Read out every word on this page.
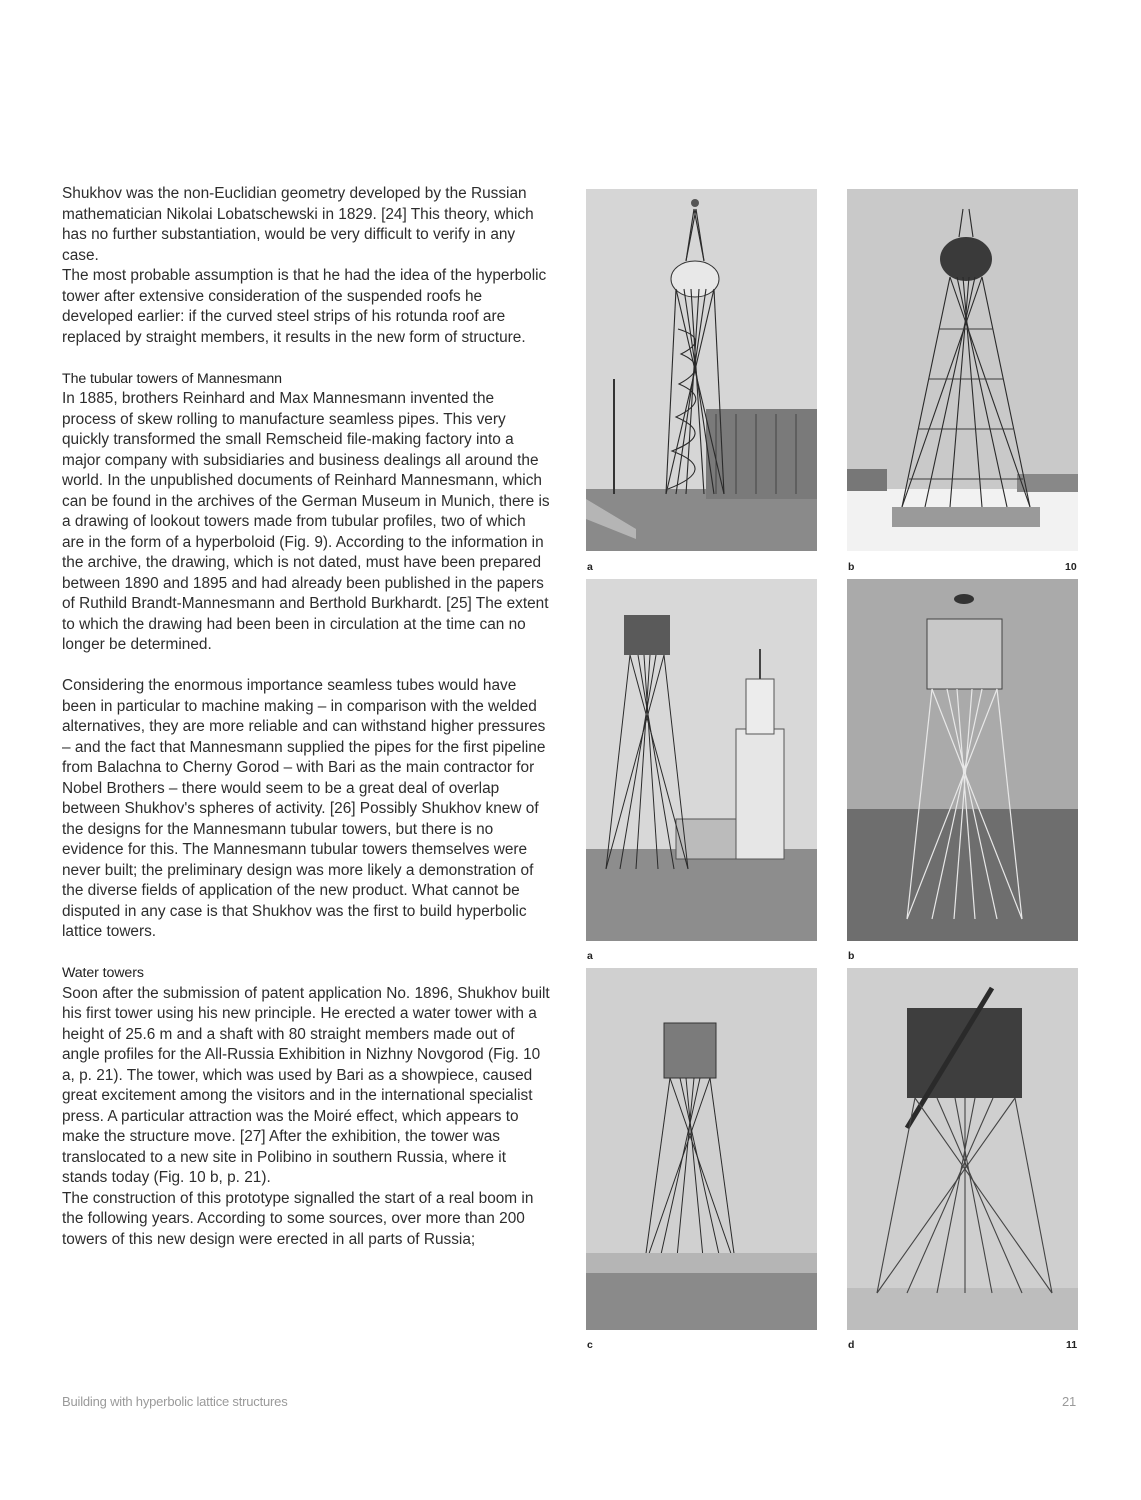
Shukhov was the non-Euclidian geometry developed by the Russian mathematician Nikolai Lobatschewski in 1829. [24] This theory, which has no further substantiation, would be very difficult to verify in any case.

The most probable assumption is that he had the idea of the hyperbolic tower after extensive consideration of the suspended roofs he developed earlier: if the curved steel strips of his rotunda roof are replaced by straight members, it results in the new form of structure.

The tubular towers of Mannesmann

In 1885, brothers Reinhard and Max Mannesmann invented the process of skew rolling to manufacture seamless pipes. This very quickly transformed the small Remscheid file-making factory into a major company with subsidiaries and business dealings all around the world. In the unpublished documents of Reinhard Mannesmann, which can be found in the archives of the German Museum in Munich, there is a drawing of lookout towers made from tubular profiles, two of which are in the form of a hyperboloid (Fig. 9). According to the information in the archive, the drawing, which is not dated, must have been prepared between 1890 and 1895 and had already been published in the papers of Ruthild Brandt-Mannesmann and Berthold Burkhardt. [25] The extent to which the drawing had been been in circulation at the time can no longer be determined.

Considering the enormous importance seamless tubes would have been in particular to machine making – in comparison with the welded alternatives, they are more reliable and can withstand higher pressures – and the fact that Mannesmann supplied the pipes for the first pipeline from Balachna to Cherny Gorod – with Bari as the main contractor for Nobel Brothers – there would seem to be a great deal of overlap between Shukhov's spheres of activity. [26] Possibly Shukhov knew of the designs for the Mannesmann tubular towers, but there is no evidence for this. The Mannesmann tubular towers themselves were never built; the preliminary design was more likely a demonstration of the diverse fields of application of the new product. What cannot be disputed in any case is that Shukhov was the first to build hyperbolic lattice towers.

Water towers

Soon after the submission of patent application No. 1896, Shukhov built his first tower using his new principle. He erected a water tower with a height of 25.6 m and a shaft with 80 straight members made out of angle profiles for the All-Russia Exhibition in Nizhny Novgorod (Fig. 10 a, p. 21). The tower, which was used by Bari as a showpiece, caused great excitement among the visitors and in the international specialist press. A particular attraction was the Moiré effect, which appears to make the structure move. [27] After the exhibition, the tower was translocated to a new site in Polibino in southern Russia, where it stands today (Fig. 10 b, p. 21).

The construction of this prototype signalled the start of a real boom in the following years. According to some sources, over more than 200 towers of this new design were erected in all parts of Russia;

a	b	10
a	b
c	d	11
Building with hyperbolic lattice structures	21
